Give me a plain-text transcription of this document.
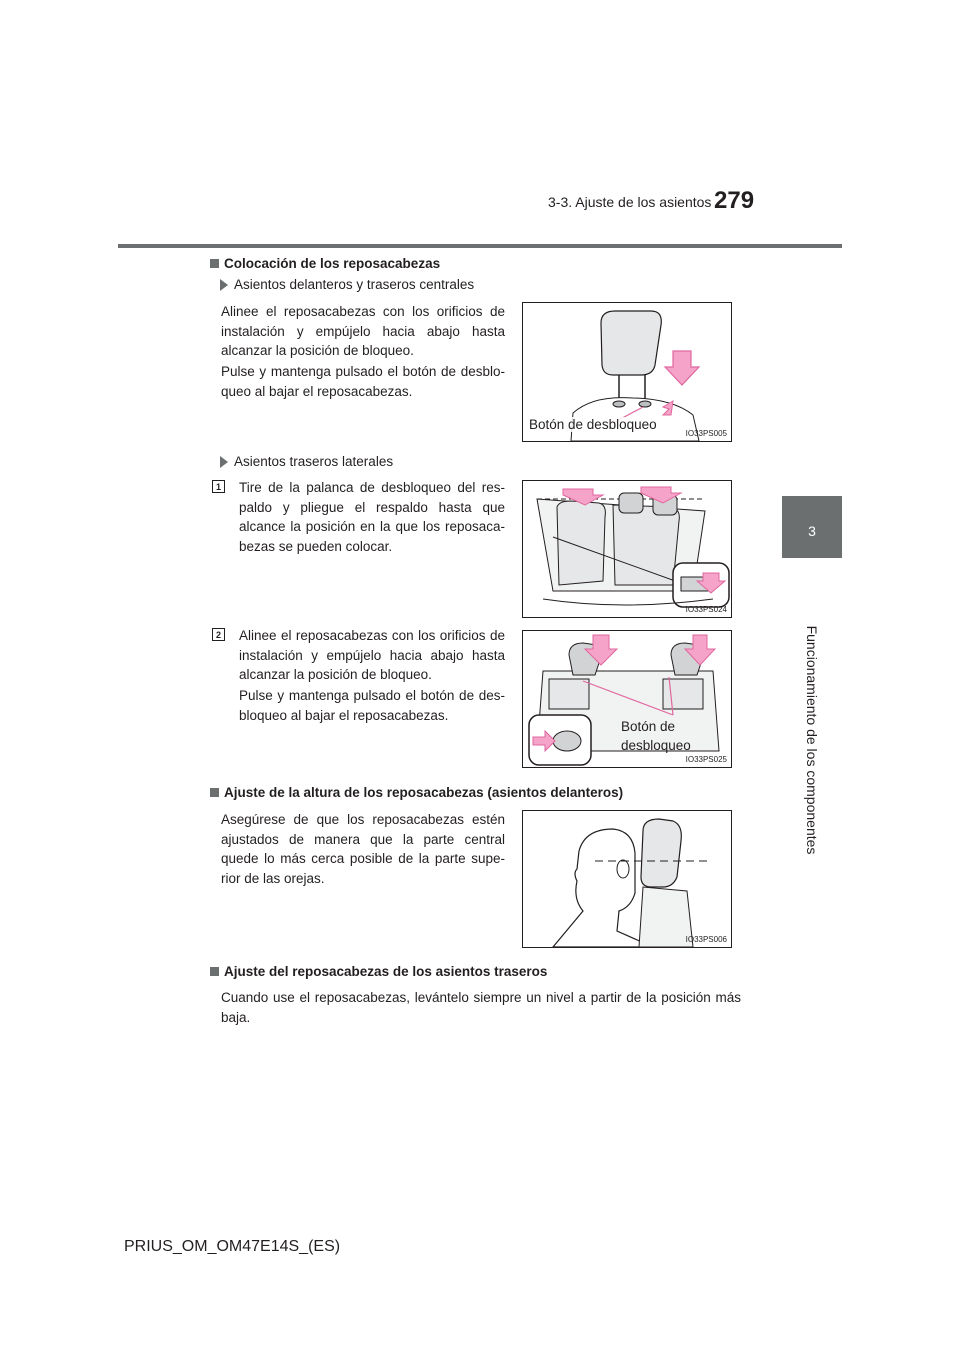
3-3. Ajuste de los asientos 279
3
Funcionamiento de los componentes
Colocación de los reposacabezas
Asientos delanteros y traseros centrales
Alinee el reposacabezas con los orificios de instalación y empújelo hacia abajo hasta alcanzar la posición de bloqueo.
Pulse y mantenga pulsado el botón de desbloqueo al bajar el reposacabezas.
Botón de desbloqueo
IO33PS005
Asientos traseros laterales
1 Tire de la palanca de desbloqueo del respaldo y pliegue el respaldo hasta que alcance la posición en la que los reposacabezas se pueden colocar.
IO33PS024
2 Alinee el reposacabezas con los orificios de instalación y empújelo hacia abajo hasta alcanzar la posición de bloqueo.
Pulse y mantenga pulsado el botón de desbloqueo al bajar el reposacabezas.
Botón de
desbloqueo
IO33PS025
Ajuste de la altura de los reposacabezas (asientos delanteros)
Asegúrese de que los reposacabezas estén ajustados de manera que la parte central quede lo más cerca posible de la parte superior de las orejas.
IO33PS006
Ajuste del reposacabezas de los asientos traseros
Cuando use el reposacabezas, levántelo siempre un nivel a partir de la posición más baja.
PRIUS_OM_OM47E14S_(ES)
